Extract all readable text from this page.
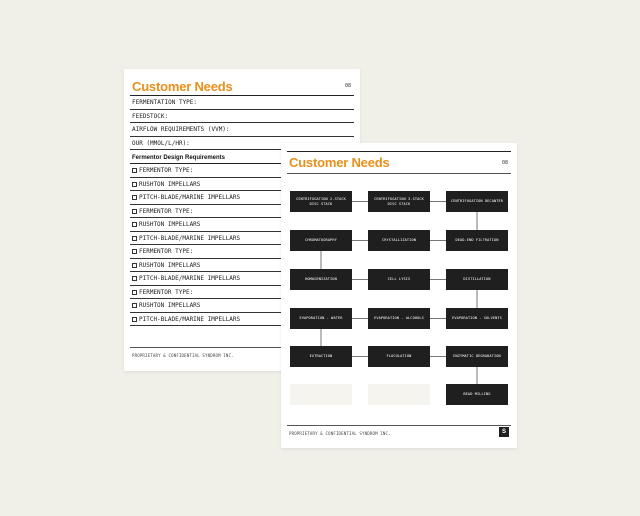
Customer Needs	08
FERMENTATION TYPE:
FEEDSTOCK:
AIRFLOW REQUIREMENTS (VVM):
OUR (MMOL/L/HR):
Fermentor Design Requirements
FERMENTOR TYPE:
RUSHTON IMPELLARS
PITCH-BLADE/MARINE IMPELLARS
FERMENTOR TYPE:
RUSHTON IMPELLARS
PITCH-BLADE/MARINE IMPELLARS
FERMENTOR TYPE:
RUSHTON IMPELLARS
PITCH-BLADE/MARINE IMPELLARS
FERMENTOR TYPE:
RUSHTON IMPELLARS
PITCH-BLADE/MARINE IMPELLARS
PROPRIETARY & CONFIDENTIAL SYNDROM INC.
Customer Needs	08
PROPRIETARY & CONFIDENTIAL SYNDROM INC.	S
CENTRIFUGATION 2-STACK DISC STACK
CENTRIFUGATION 3-STACK DISC STACK
CENTRIFUGATION DECANTER
CHROMATOGRAPHY	CRYSTALLIZATION	DEAD-END FILTRATION
HOMOGENIZATION	CELL LYSIS	DISTILLATION
EVAPORATION - WATER	EVAPORATION - ALCOHOLS	EVAPORATION - SOLVENTS
EXTRACTION	FLOCULATION	ENZYMATIC DEGRADATION
BEAD MILLING
